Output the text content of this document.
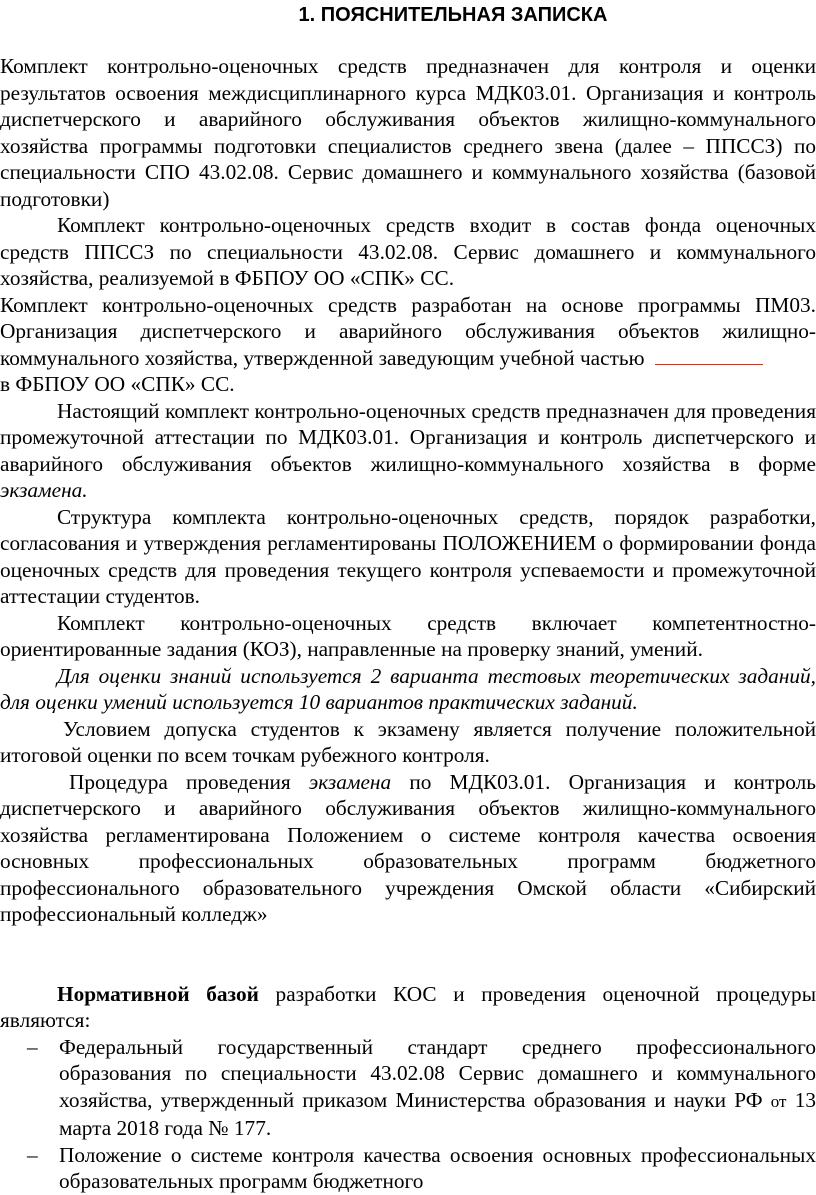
1. ПОЯСНИТЕЛЬНАЯ ЗАПИСКА

Комплект контрольно-оценочных средств предназначен для контроля и оценки результатов освоения междисциплинарного курса МДК03.01. Организация и контроль диспетчерского и аварийного обслуживания объектов жилищно-коммунального хозяйства программы подготовки специалистов среднего звена (далее – ППССЗ) по специальности СПО 43.02.08. Сервис домашнего и коммунального хозяйства (базовой подготовки)

Комплект контрольно-оценочных средств входит в состав фонда оценочных средств ППССЗ по специальности 43.02.08. Сервис домашнего и коммунального хозяйства, реализуемой в ФБПОУ ОО «СПК» СС.

Комплект контрольно-оценочных средств разработан на основе программы ПМ03. Организация диспетчерского и аварийного обслуживания объектов жилищно-коммунального хозяйства, утвержденной заведующим учебной частью
в ФБПОУ ОО «СПК» СС.

Настоящий комплект контрольно-оценочных средств предназначен для проведения промежуточной аттестации по МДК03.01. Организация и контроль диспетчерского и аварийного обслуживания объектов жилищно-коммунального хозяйства в форме экзамена.

Структура комплекта контрольно-оценочных средств, порядок разработки, согласования и утверждения регламентированы ПОЛОЖЕНИЕМ о формировании фонда оценочных средств для проведения текущего контроля успеваемости и промежуточной аттестации студентов.

Комплект контрольно-оценочных средств включает компетентностно-ориентированные задания (КОЗ), направленные на проверку знаний, умений.

Для оценки знаний используется 2 варианта тестовых теоретических заданий, для оценки умений используется 10 вариантов практических заданий.

Условием допуска студентов к экзамену является получение положительной итоговой оценки по всем точкам рубежного контроля.

Процедура проведения экзамена по МДК03.01. Организация и контроль диспетчерского и аварийного обслуживания объектов жилищно-коммунального хозяйства регламентирована Положением о системе контроля качества освоения основных профессиональных образовательных программ бюджетного профессионального образовательного учреждения Омской области «Сибирский профессиональный колледж»

Нормативной базой разработки КОС и проведения оценочной процедуры являются:

– Федеральный государственный стандарт среднего профессионального образования по специальности 43.02.08 Сервис домашнего и коммунального хозяйства, утвержденный приказом Министерства образования и науки РФ от 13 марта 2018 года № 177.
– Положение о системе контроля качества освоения основных профессиональных образовательных программ бюджетного
